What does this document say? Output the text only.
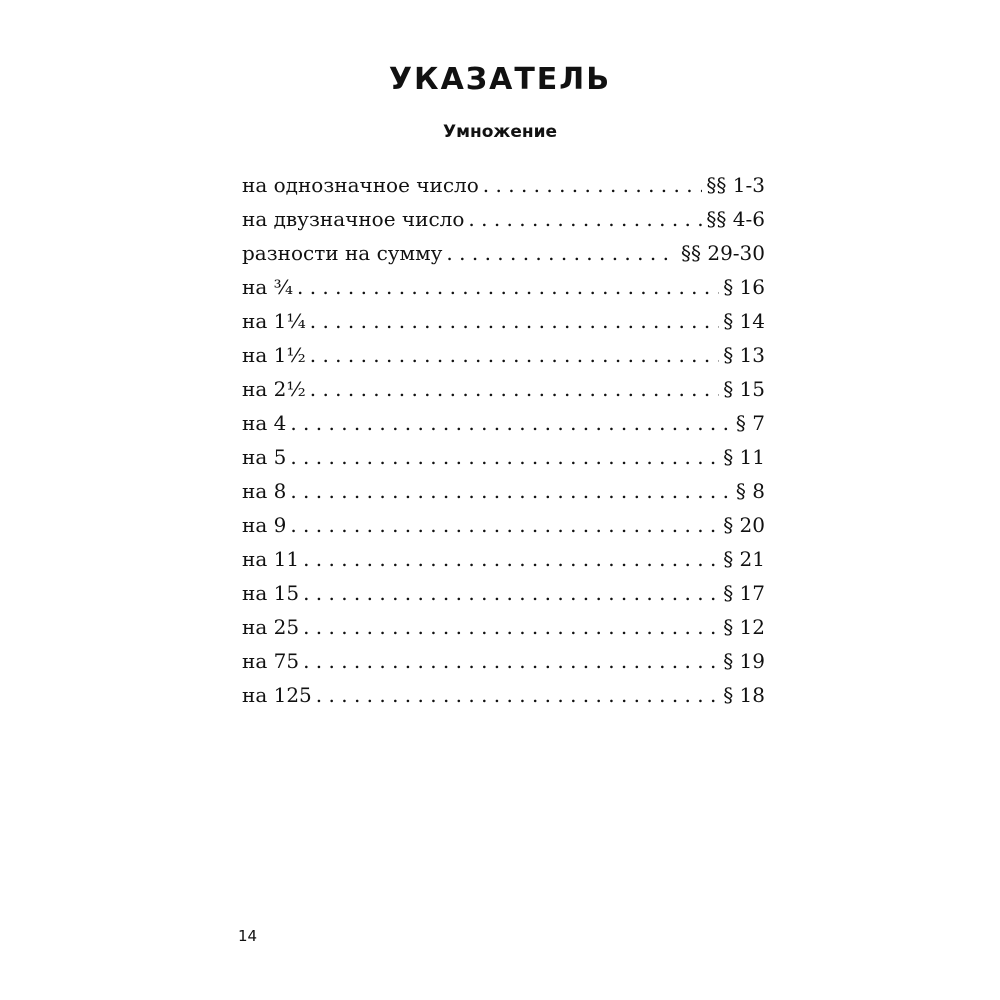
УКАЗАТЕЛЬ
Умножение
на однозначное число . . .	§§ 1-3
на двузначное число . . .	§§ 4-6
разности на сумму . . .	§§ 29-30
на ¾ . . .	§ 16
на 1¼ . . .	§ 14
на 1½ . . .	§ 13
на 2½ . . .	§ 15
на 4 . . .	§ 7
на 5 . . .	§ 11
на 8 . . .	§ 8
на 9 . . .	§ 20
на 11 . . .	§ 21
на 15 . . .	§ 17
на 25 . . .	§ 12
на 75 . . .	§ 19
на 125 . . .	§ 18
14
